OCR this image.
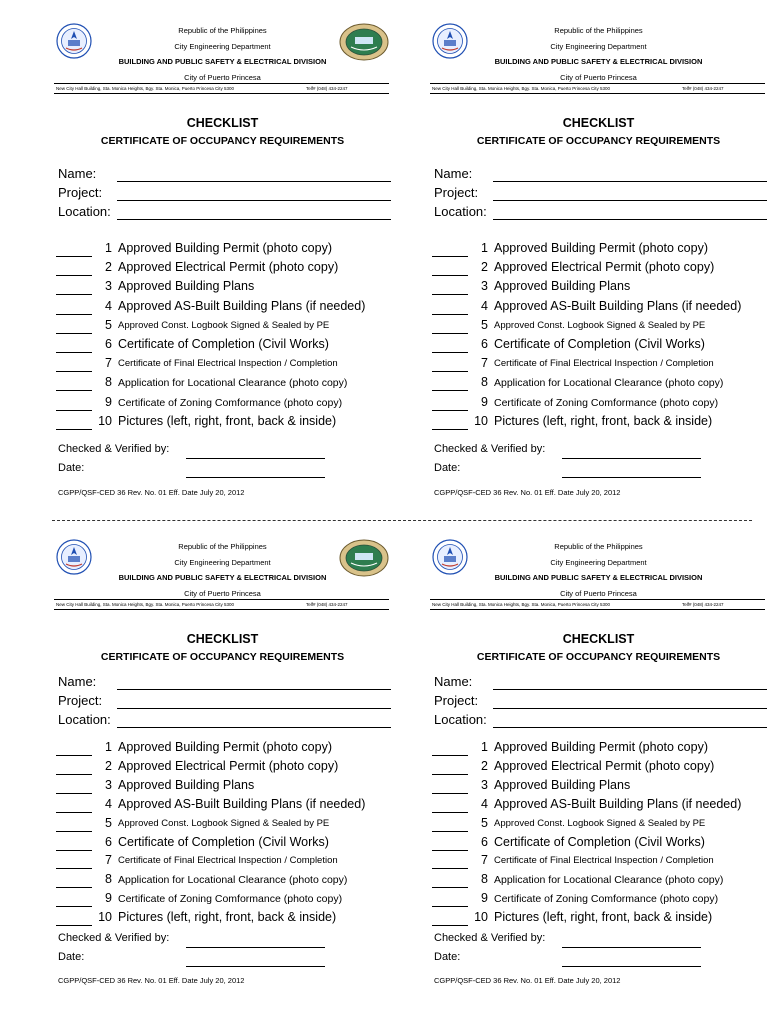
Republic of the Philippines
City Engineering Department
BUILDING AND PUBLIC SAFETY & ELECTRICAL DIVISION
City of Puerto Princesa
New City Hall Building, Sta. Monica Heights, Bgy. Sta. Monica, Puerto Princesa City 5300	Telf# (048) 434-2247
CHECKLIST
CERTIFICATE OF OCCUPANCY REQUIREMENTS
Name:
Project:
Location:
1 Approved Building Permit (photo copy)
2 Approved Electrical Permit (photo copy)
3 Approved Building Plans
4 Approved AS-Built Building Plans (if needed)
5 Approved Const. Logbook Signed & Sealed by PE
6 Certificate of Completion (Civil Works)
7 Certificate of Final Electrical Inspection / Completion
8 Application for Locational Clearance (photo copy)
9 Certificate of Zoning Comformance (photo copy)
10 Pictures (left, right, front, back & inside)
Checked & Verified by:
Date:
CGPP/QSF-CED 36 Rev. No. 01 Eff. Date July 20, 2012
Republic of the Philippines
City Engineering Department
BUILDING AND PUBLIC SAFETY & ELECTRICAL DIVISION
City of Puerto Princesa
New City Hall Building, Sta. Monica Heights, Bgy. Sta. Monica, Puerto Princesa City 5300	Telf# (048) 434-2247
CHECKLIST
CERTIFICATE OF OCCUPANCY REQUIREMENTS
Name:
Project:
Location:
1 Approved Building Permit (photo copy)
2 Approved Electrical Permit (photo copy)
3 Approved Building Plans
4 Approved AS-Built Building Plans (if needed)
5 Approved Const. Logbook Signed & Sealed by PE
6 Certificate of Completion (Civil Works)
7 Certificate of Final Electrical Inspection / Completion
8 Application for Locational Clearance (photo copy)
9 Certificate of Zoning Comformance (photo copy)
10 Pictures (left, right, front, back & inside)
Checked & Verified by:
Date:
CGPP/QSF-CED 36 Rev. No. 01 Eff. Date July 20, 2012
Republic of the Philippines
City Engineering Department
BUILDING AND PUBLIC SAFETY & ELECTRICAL DIVISION
City of Puerto Princesa
New City Hall Building, Sta. Monica Heights, Bgy. Sta. Monica, Puerto Princesa City 5300	Telf# (048) 434-2247
CHECKLIST
CERTIFICATE OF OCCUPANCY REQUIREMENTS
Name:
Project:
Location:
1 Approved Building Permit (photo copy)
2 Approved Electrical Permit (photo copy)
3 Approved Building Plans
4 Approved AS-Built Building Plans (if needed)
5 Approved Const. Logbook Signed & Sealed by PE
6 Certificate of Completion (Civil Works)
7 Certificate of Final Electrical Inspection / Completion
8 Application for Locational Clearance (photo copy)
9 Certificate of Zoning Comformance (photo copy)
10 Pictures (left, right, front, back & inside)
Checked & Verified by:
Date:
CGPP/QSF-CED 36 Rev. No. 01 Eff. Date July 20, 2012
Republic of the Philippines
City Engineering Department
BUILDING AND PUBLIC SAFETY & ELECTRICAL DIVISION
City of Puerto Princesa
New City Hall Building, Sta. Monica Heights, Bgy. Sta. Monica, Puerto Princesa City 5300	Telf# (048) 434-2247
CHECKLIST
CERTIFICATE OF OCCUPANCY REQUIREMENTS
Name:
Project:
Location:
1 Approved Building Permit (photo copy)
2 Approved Electrical Permit (photo copy)
3 Approved Building Plans
4 Approved AS-Built Building Plans (if needed)
5 Approved Const. Logbook Signed & Sealed by PE
6 Certificate of Completion (Civil Works)
7 Certificate of Final Electrical Inspection / Completion
8 Application for Locational Clearance (photo copy)
9 Certificate of Zoning Comformance (photo copy)
10 Pictures (left, right, front, back & inside)
Checked & Verified by:
Date:
CGPP/QSF-CED 36 Rev. No. 01 Eff. Date July 20, 2012
